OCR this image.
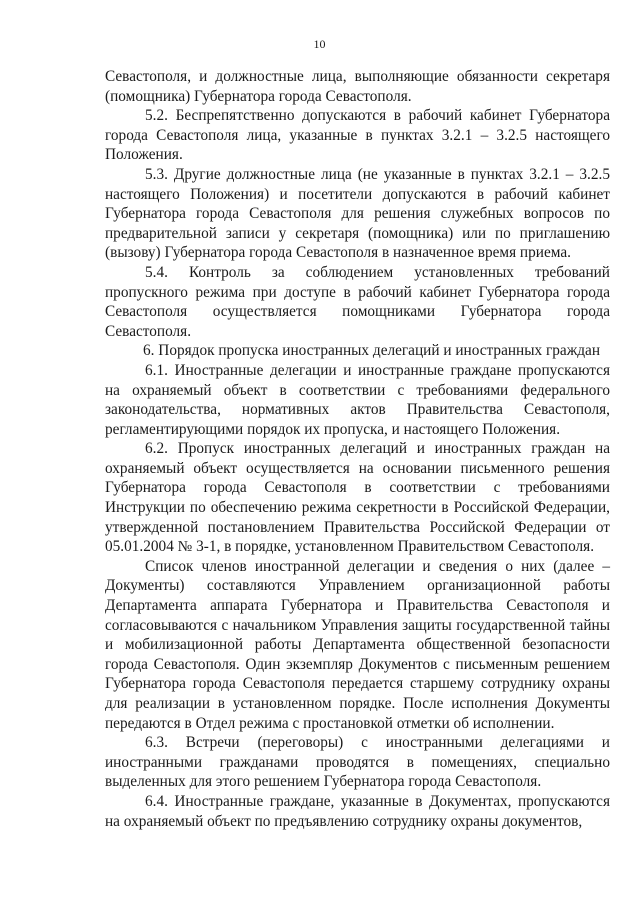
10

Севастополя, и должностные лица, выполняющие обязанности секретаря (помощника) Губернатора города Севастополя.

5.2. Беспрепятственно допускаются в рабочий кабинет Губернатора города Севастополя лица, указанные в пунктах 3.2.1 – 3.2.5 настоящего Положения.

5.3. Другие должностные лица (не указанные в пунктах 3.2.1 – 3.2.5 настоящего Положения) и посетители допускаются в рабочий кабинет Губернатора города Севастополя для решения служебных вопросов по предварительной записи у секретаря (помощника) или по приглашению (вызову) Губернатора города Севастополя в назначенное время приема.

5.4. Контроль за соблюдением установленных требований пропускного режима при доступе в рабочий кабинет Губернатора города Севастополя осуществляется помощниками Губернатора города Севастополя.

6. Порядок пропуска иностранных делегаций и иностранных граждан

6.1. Иностранные делегации и иностранные граждане пропускаются на охраняемый объект в соответствии с требованиями федерального законодательства, нормативных актов Правительства Севастополя, регламентирующими порядок их пропуска, и настоящего Положения.

6.2. Пропуск иностранных делегаций и иностранных граждан на охраняемый объект осуществляется на основании письменного решения Губернатора города Севастополя в соответствии с требованиями Инструкции по обеспечению режима секретности в Российской Федерации, утвержденной постановлением Правительства Российской Федерации от 05.01.2004 № 3-1, в порядке, установленном Правительством Севастополя.

Список членов иностранной делегации и сведения о них (далее – Документы) составляются Управлением организационной работы Департамента аппарата Губернатора и Правительства Севастополя и согласовываются с начальником Управления защиты государственной тайны и мобилизационной работы Департамента общественной безопасности города Севастополя. Один экземпляр Документов с письменным решением Губернатора города Севастополя передается старшему сотруднику охраны для реализации в установленном порядке. После исполнения Документы передаются в Отдел режима с простановкой отметки об исполнении.

6.3. Встречи (переговоры) с иностранными делегациями и иностранными гражданами проводятся в помещениях, специально выделенных для этого решением Губернатора города Севастополя.

6.4. Иностранные граждане, указанные в Документах, пропускаются на охраняемый объект по предъявлению сотруднику охраны документов,
